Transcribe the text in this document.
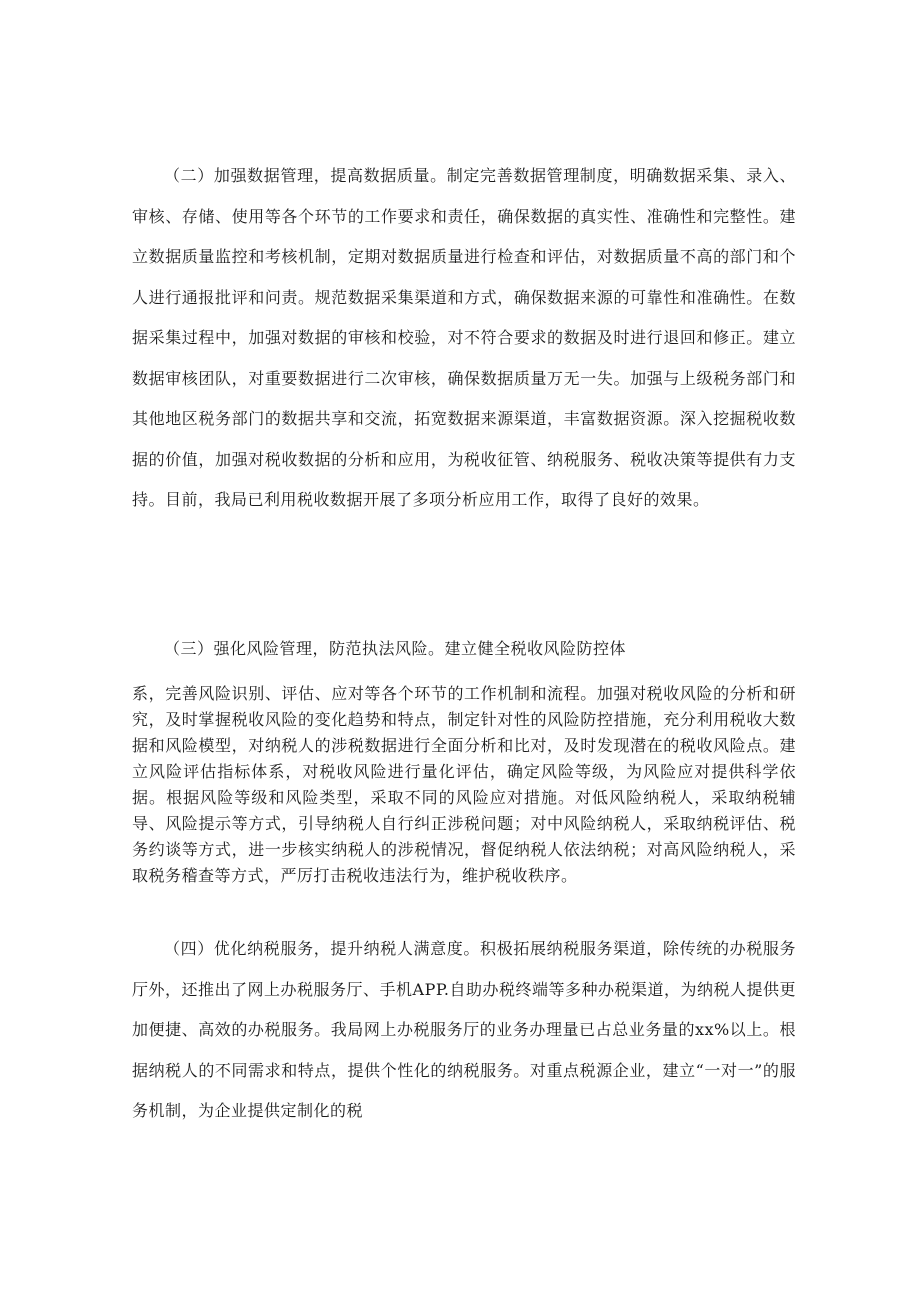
（二）加强数据管理，提高数据质量。制定完善数据管理制度，明确数据采集、录入、审核、存储、使用等各个环节的工作要求和责任，确保数据的真实性、准确性和完整性。建立数据质量监控和考核机制，定期对数据质量进行检查和评估，对数据质量不高的部门和个人进行通报批评和问责。规范数据采集渠道和方式，确保数据来源的可靠性和准确性。在数据采集过程中，加强对数据的审核和校验，对不符合要求的数据及时进行退回和修正。建立数据审核团队，对重要数据进行二次审核，确保数据质量万无一失。加强与上级税务部门和其他地区税务部门的数据共享和交流，拓宽数据来源渠道，丰富数据资源。深入挖掘税收数据的价值，加强对税收数据的分析和应用，为税收征管、纳税服务、税收决策等提供有力支持。目前，我局已利用税收数据开展了多项分析应用工作，取得了良好的效果。

（三）强化风险管理，防范执法风险。建立健全税收风险防控体

系，完善风险识别、评估、应对等各个环节的工作机制和流程。加强对税收风险的分析和研究，及时掌握税收风险的变化趋势和特点，制定针对性的风险防控措施，充分利用税收大数据和风险模型，对纳税人的涉税数据进行全面分析和比对，及时发现潜在的税收风险点。建立风险评估指标体系，对税收风险进行量化评估，确定风险等级，为风险应对提供科学依据。根据风险等级和风险类型，采取不同的风险应对措施。对低风险纳税人，采取纳税辅导、风险提示等方式，引导纳税人自行纠正涉税问题；对中风险纳税人，采取纳税评估、税务约谈等方式，进一步核实纳税人的涉税情况，督促纳税人依法纳税；对高风险纳税人，采取税务稽查等方式，严厉打击税收违法行为，维护税收秩序。

（四）优化纳税服务，提升纳税人满意度。积极拓展纳税服务渠道，除传统的办税服务厅外，还推出了网上办税服务厅、手机APP.自助办税终端等多种办税渠道，为纳税人提供更加便捷、高效的办税服务。我局网上办税服务厅的业务办理量已占总业务量的xx%以上。根据纳税人的不同需求和特点，提供个性化的纳税服务。对重点税源企业，建立“一对一”的服务机制，为企业提供定制化的税
